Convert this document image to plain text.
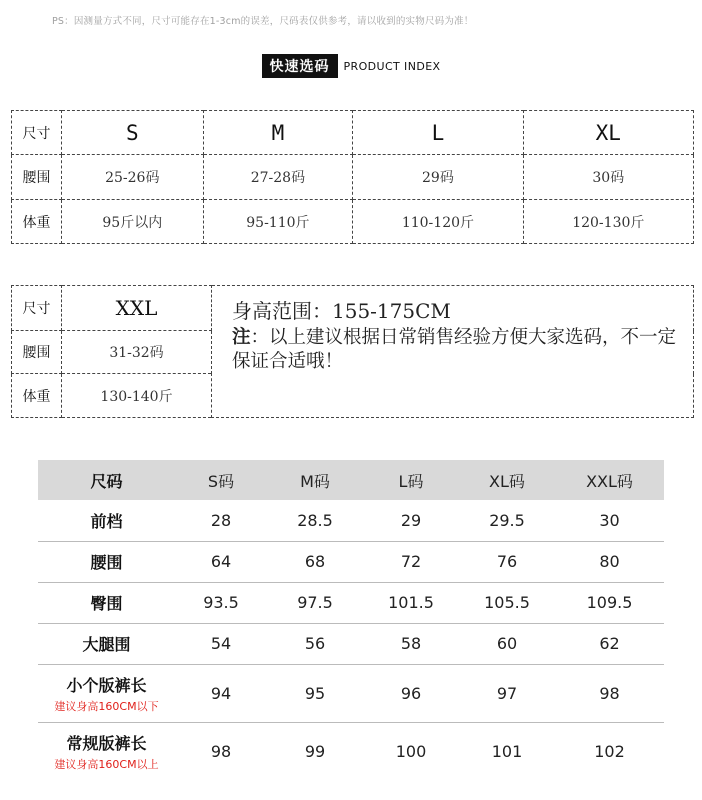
PS：因测量方式不同，尺寸可能存在1-3cm的误差，尺码表仅供参考，请以收到的实物尺码为准！
快速选码	PRODUCT INDEX
尺寸	S	M	L	XL
腰围	25-26码	27-28码	29码	30码
体重	95斤以内	95-110斤	110-120斤	120-130斤
尺寸	XXL	身高范围：155-175CM
注：以上建议根据日常销售经验方便大家选码，不一定保证合适哦！

腰围	31-32码	
体重	130-140斤	
尺码	S码	M码	L码	XL码	XXL码
前档	28	28.5	29	29.5	30
腰围	64	68	72	76	80
臀围	93.5	97.5	101.5	105.5	109.5
大腿围	54	56	58	60	62
小个版裤长
建议身高160CM以下	94	95	96	97	98
常规版裤长
建议身高160CM以上	98	99	100	101	102
